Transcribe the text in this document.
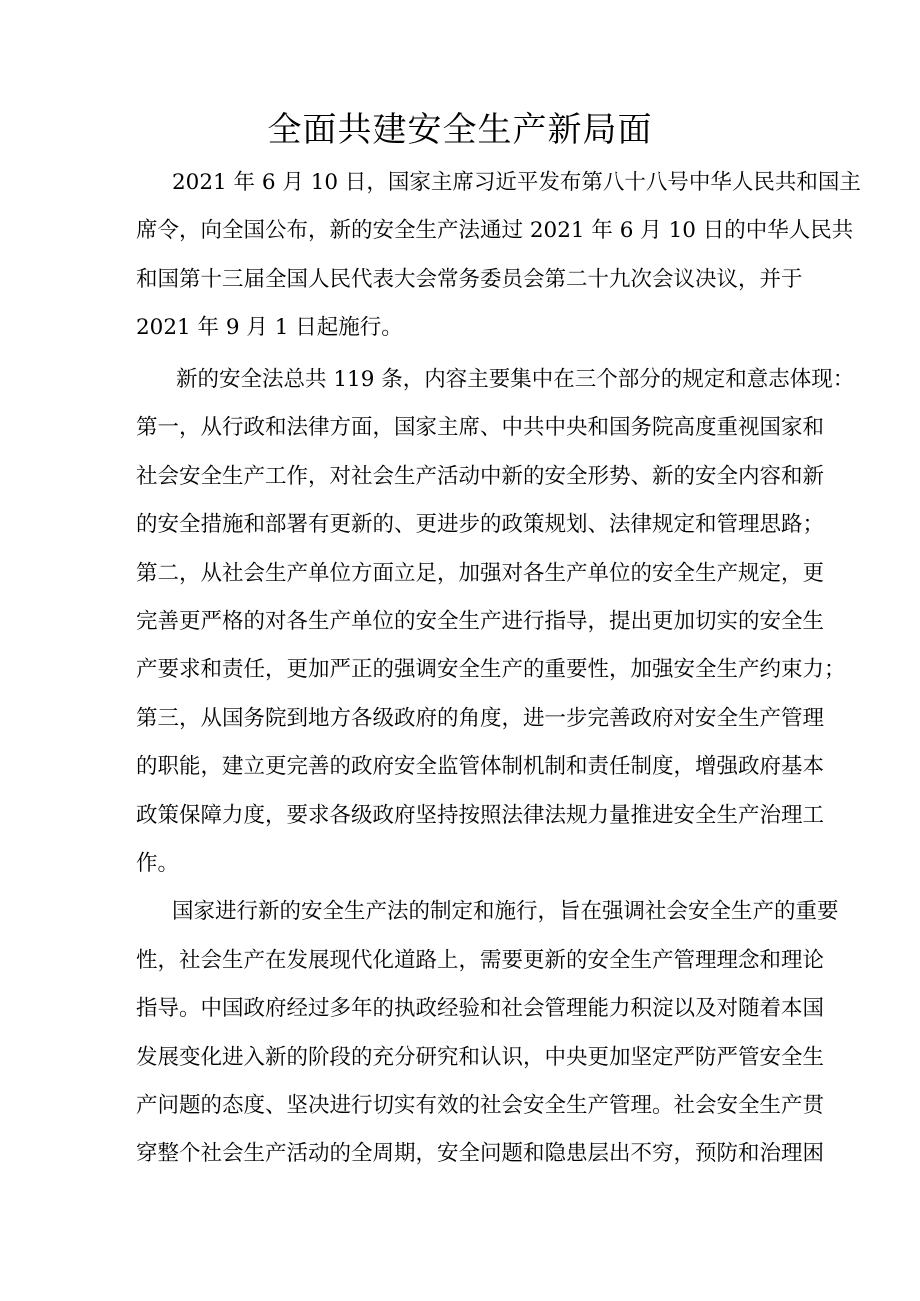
全面共建安全生产新局面

2021 年 6 月 10 日，国家主席习近平发布第八十八号中华人民共和国主

席令，向全国公布，新的安全生产法通过 2021 年 6 月 10 日的中华人民共

和国第十三届全国人民代表大会常务委员会第二十九次会议决议，并于

2021 年 9 月 1 日起施行。

新的安全法总共 119 条，内容主要集中在三个部分的规定和意志体现：

第一，从行政和法律方面，国家主席、中共中央和国务院高度重视国家和

社会安全生产工作，对社会生产活动中新的安全形势、新的安全内容和新

的安全措施和部署有更新的、更进步的政策规划、法律规定和管理思路；

第二，从社会生产单位方面立足，加强对各生产单位的安全生产规定，更

完善更严格的对各生产单位的安全生产进行指导，提出更加切实的安全生

产要求和责任，更加严正的强调安全生产的重要性，加强安全生产约束力；

第三，从国务院到地方各级政府的角度，进一步完善政府对安全生产管理

的职能，建立更完善的政府安全监管体制机制和责任制度，增强政府基本

政策保障力度，要求各级政府坚持按照法律法规力量推进安全生产治理工

作。

国家进行新的安全生产法的制定和施行，旨在强调社会安全生产的重要

性，社会生产在发展现代化道路上，需要更新的安全生产管理理念和理论

指导。中国政府经过多年的执政经验和社会管理能力积淀以及对随着本国

发展变化进入新的阶段的充分研究和认识，中央更加坚定严防严管安全生

产问题的态度、坚决进行切实有效的社会安全生产管理。社会安全生产贯

穿整个社会生产活动的全周期，安全问题和隐患层出不穷，预防和治理困
